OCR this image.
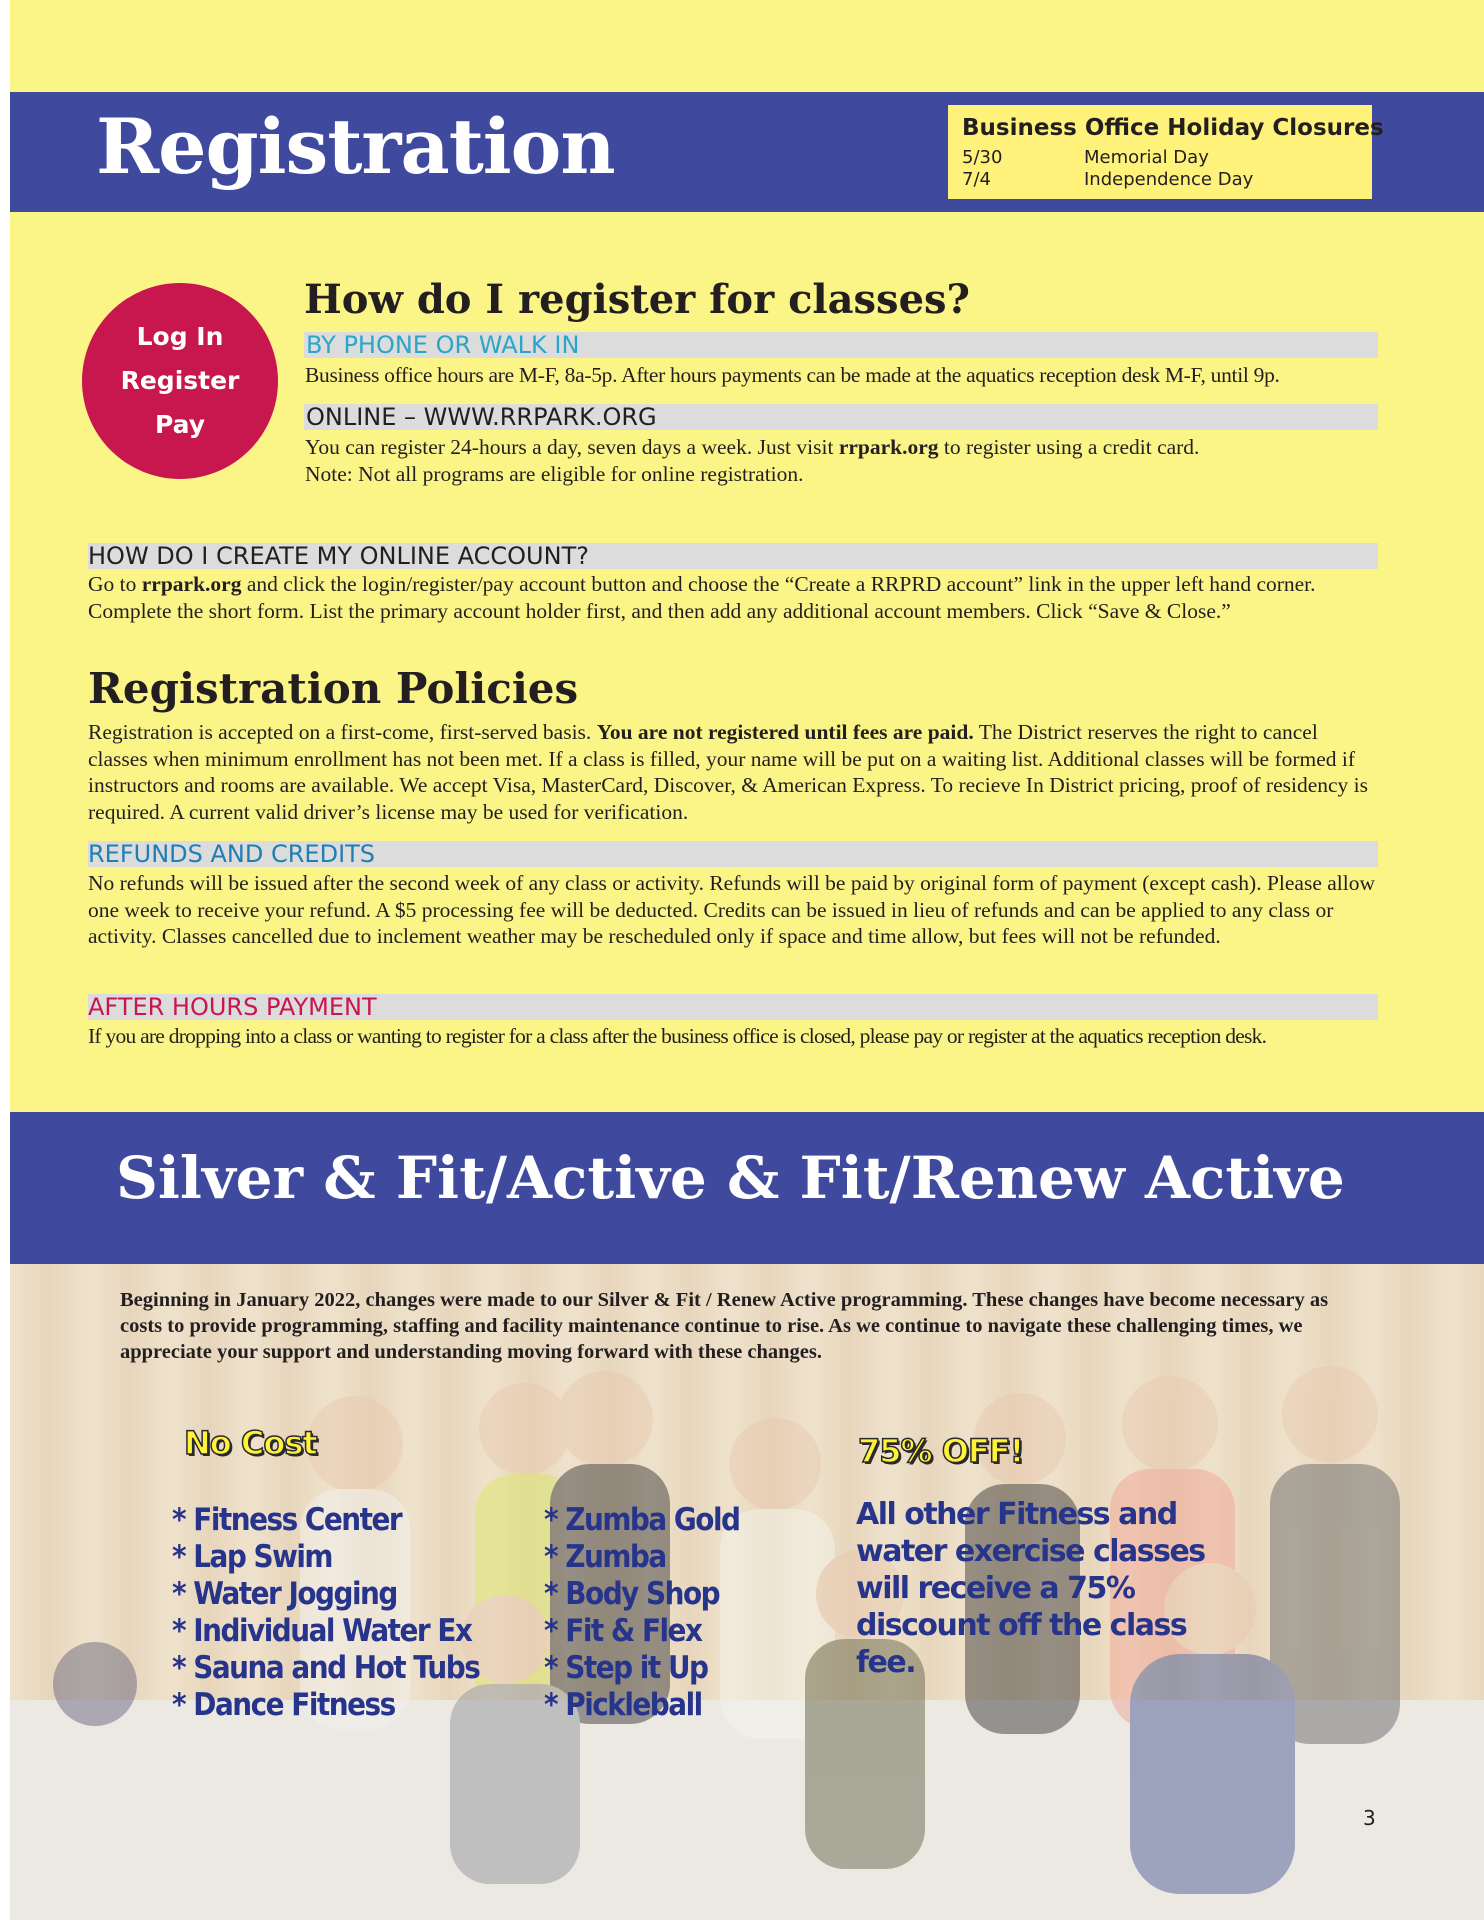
Registration	Business Office Holiday Closures
5/30	Memorial Day
7/4	Independence Day
Log In
Register
Pay
How do I register for classes?
BY PHONE OR WALK IN

Business office hours are M-F, 8a-5p. After hours payments can be made at the aquatics reception desk M-F, until 9p.

ONLINE – WWW.RRPARK.ORG

You can register 24-hours a day, seven days a week. Just visit rrpark.org to register using a credit card.
Note: Not all programs are eligible for online registration.

HOW DO I CREATE MY ONLINE ACCOUNT?

Go to rrpark.org and click the login/register/pay account button and choose the “Create a RRPRD account” link in the upper left hand corner. Complete the short form. List the primary account holder first, and then add any additional account members. Click “Save & Close.”

Registration Policies

Registration is accepted on a first-come, first-served basis. You are not registered until fees are paid. The District reserves the right to cancel classes when minimum enrollment has not been met. If a class is filled, your name will be put on a waiting list. Additional classes will be formed if instructors and rooms are available. We accept Visa, MasterCard, Discover, & American Express. To recieve In District pricing, proof of residency is required. A current valid driver’s license may be used for verification.

REFUNDS AND CREDITS

No refunds will be issued after the second week of any class or activity. Refunds will be paid by original form of payment (except cash). Please allow one week to receive your refund. A $5 processing fee will be deducted. Credits can be issued in lieu of refunds and can be applied to any class or activity. Classes cancelled due to inclement weather may be rescheduled only if space and time allow, but fees will not be refunded.

AFTER HOURS PAYMENT

If you are dropping into a class or wanting to register for a class after the business office is closed, please pay or register at the aquatics reception desk.

Silver & Fit/Active & Fit/Renew Active

Beginning in January 2022, changes were made to our Silver & Fit / Renew Active programming. These changes have become necessary as costs to provide programming, staffing and facility maintenance continue to rise. As we continue to navigate these challenging times, we appreciate your support and understanding moving forward with these changes.

No Cost
* Fitness Center
* Lap Swim
* Water Jogging
* Individual Water Ex
* Sauna and Hot Tubs
* Dance Fitness
* Zumba Gold
* Zumba
* Body Shop
* Fit & Flex
* Step it Up
* Pickleball
75% OFF!

All other Fitness and water exercise classes will receive a 75% discount off the class fee.

3
